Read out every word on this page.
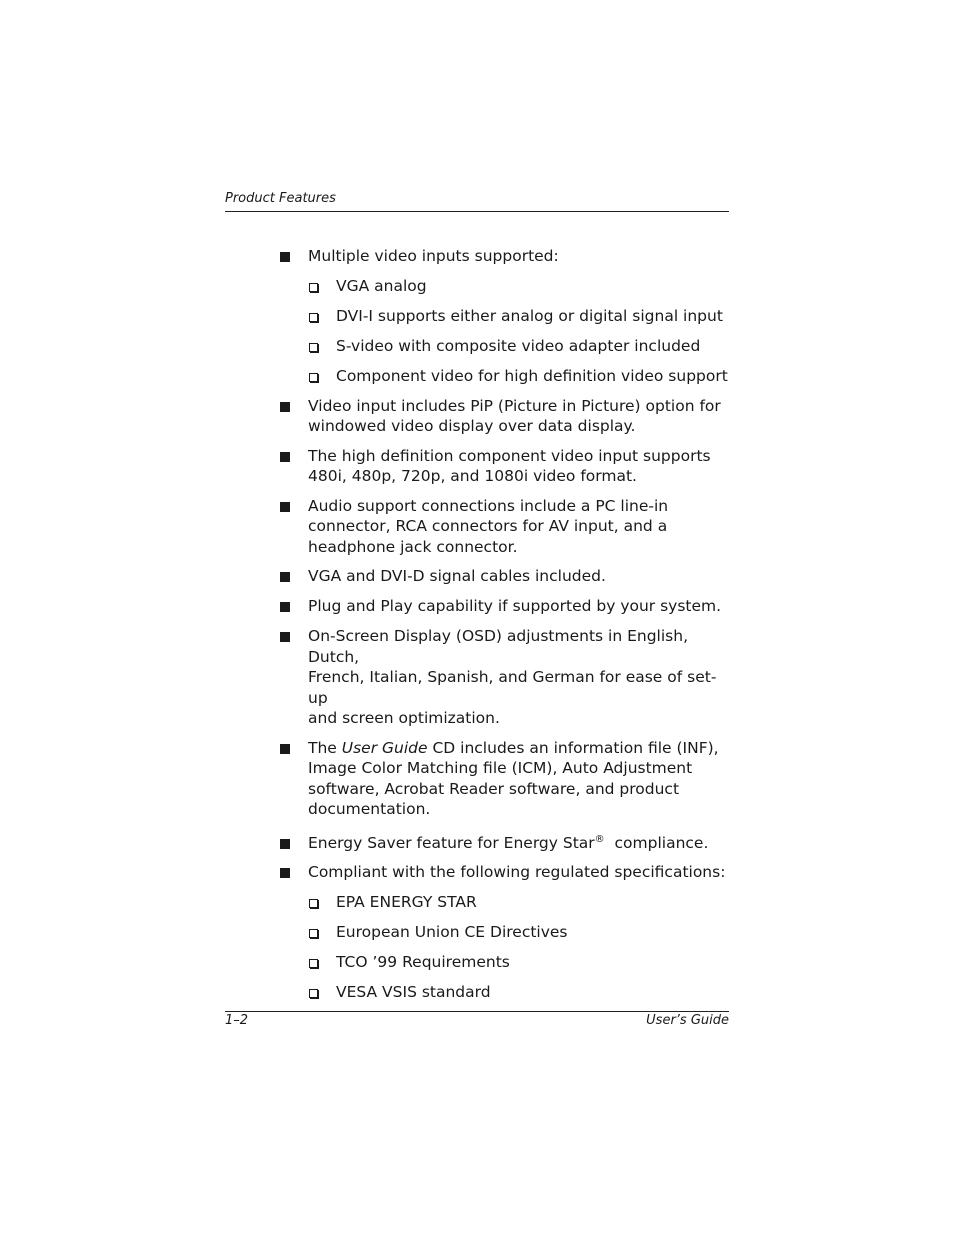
Product Features
Multiple video inputs supported:
VGA analog
DVI-I supports either analog or digital signal input
S-video with composite video adapter included
Component video for high definition video support
Video input includes PiP (Picture in Picture) option for
windowed video display over data display.
The high definition component video input supports
480i, 480p, 720p, and 1080i video format.
Audio support connections include a PC line-in
connector, RCA connectors for AV input, and a
headphone jack connector.
VGA and DVI-D signal cables included.
Plug and Play capability if supported by your system.
On-Screen Display (OSD) adjustments in English, Dutch,
French, Italian, Spanish, and German for ease of set-up
and screen optimization.
The User Guide CD includes an information file (INF),
Image Color Matching file (ICM), Auto Adjustment
software, Acrobat Reader software, and product
documentation.
Energy Saver feature for Energy Star®  compliance.
Compliant with the following regulated specifications:
EPA ENERGY STAR
European Union CE Directives
TCO ’99 Requirements
VESA VSIS standard
1–2	User’s Guide
